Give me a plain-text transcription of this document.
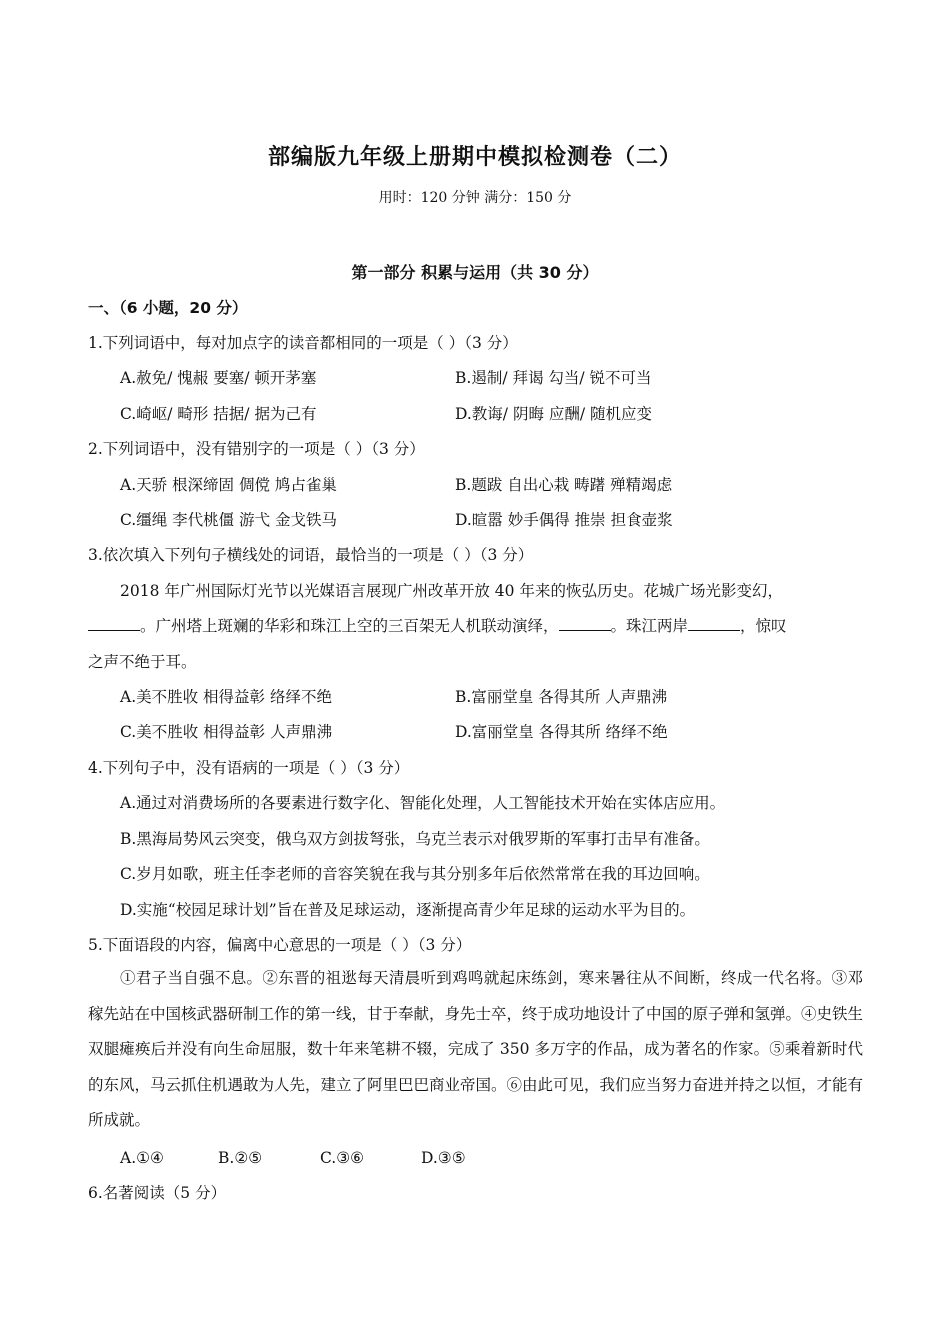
部编版九年级上册期中模拟检测卷（二）
用时：120 分钟 满分：150 分
第一部分 积累与运用（共 30 分）
一、（6 小题，20 分）
1.下列词语中，每对加点字的读音都相同的一项是（ ）（3 分）
A.赦免/ 愧赧 要塞/ 顿开茅塞	B.遏制/ 拜谒 勾当/ 锐不可当
C.崎岖/ 畸形 拮据/ 据为己有	D.教诲/ 阴晦 应酬/ 随机应变
2.下列词语中，没有错别字的一项是（ ）（3 分）
A.天骄 根深缔固 倜傥 鸠占雀巢	B.题跋 自出心栽 畴躇 殚精竭虑
C.缰绳 李代桃僵 游弋 金戈铁马	D.暄嚣 妙手偶得 推崇 担食壶浆
3.依次填入下列句子横线处的词语，最恰当的一项是（ ）（3 分）
2018 年广州国际灯光节以光媒语言展现广州改革开放 40 年来的恢弘历史。花城广场光影变幻，
。广州塔上斑斓的华彩和珠江上空的三百架无人机联动演绎，	。珠江两岸	，惊叹
之声不绝于耳。
A.美不胜收 相得益彰 络绎不绝	B.富丽堂皇 各得其所 人声鼎沸
C.美不胜收 相得益彰 人声鼎沸	D.富丽堂皇 各得其所 络绎不绝
4.下列句子中，没有语病的一项是（ ）（3 分）
A.通过对消费场所的各要素进行数字化、智能化处理，人工智能技术开始在实体店应用。
B.黑海局势风云突变，俄乌双方剑拔弩张，乌克兰表示对俄罗斯的军事打击早有准备。
C.岁月如歌，班主任李老师的音容笑貌在我与其分别多年后依然常常在我的耳边回响。
D.实施“校园足球计划”旨在普及足球运动，逐渐提高青少年足球的运动水平为目的。
5.下面语段的内容，偏离中心意思的一项是（ ）（3 分）
①君子当自强不息。②东晋的祖逖每天清晨听到鸡鸣就起床练剑，寒来暑往从不间断，终成一代名将。③邓稼先站在中国核武器研制工作的第一线，甘于奉献，身先士卒，终于成功地设计了中国的原子弹和氢弹。④史铁生双腿瘫痪后并没有向生命屈服，数十年来笔耕不辍，完成了 350 多万字的作品，成为著名的作家。⑤乘着新时代的东风，马云抓住机遇敢为人先，建立了阿里巴巴商业帝国。⑥由此可见，我们应当努力奋进并持之以恒，才能有所成就。
A.①④	B.②⑤	C.③⑥	D.③⑤
6.名著阅读（5 分）
